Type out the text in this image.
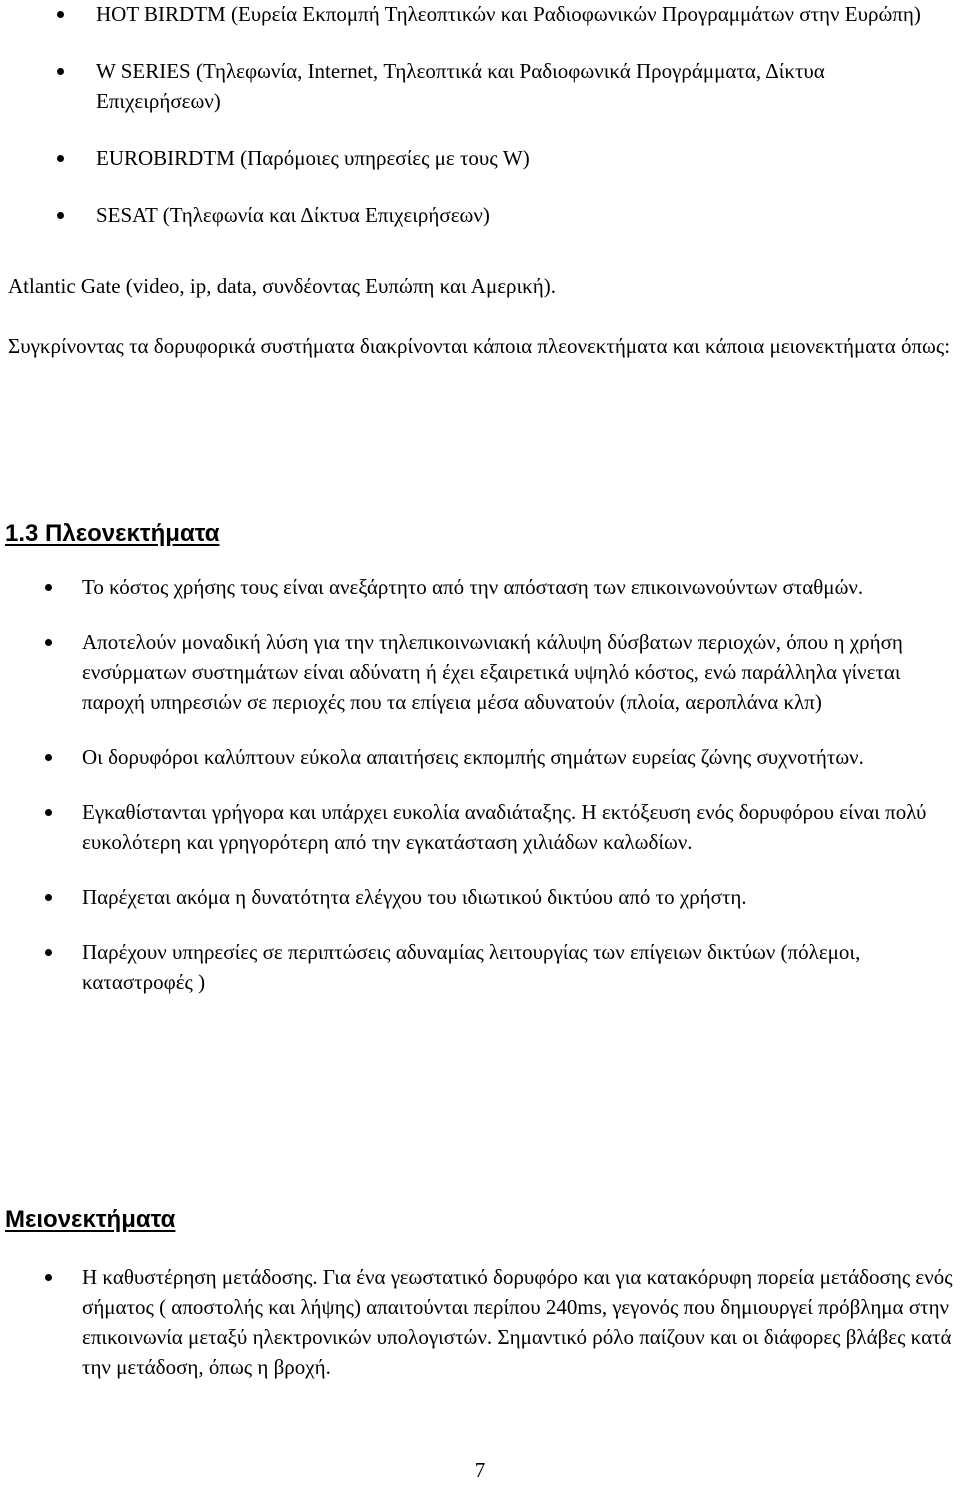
HOT BIRDTM (Ευρεία Εκπομπή Τηλεοπτικών και Ραδιοφωνικών Προγραμμάτων στην Ευρώπη)
W SERIES (Τηλεφωνία, Internet, Τηλεοπτικά και Ραδιοφωνικά Προγράμματα, Δίκτυα Επιχειρήσεων)
EUROBIRDTM (Παρόμοιες υπηρεσίες με τους W)
SESAT (Τηλεφωνία και Δίκτυα Επιχειρήσεων)

Atlantic Gate (video, ip, data, συνδέοντας Ευπώπη και Αμερική).

Συγκρίνοντας τα δορυφορικά συστήματα διακρίνονται κάποια πλεονεκτήματα και κάποια μειονεκτήματα όπως:

1.3 Πλεονεκτήματα
Το κόστος χρήσης τους είναι ανεξάρτητο από την απόσταση των επικοινωνούντων σταθμών.
Αποτελούν μοναδική λύση για την τηλεπικοινωνιακή κάλυψη δύσβατων περιοχών, όπου η χρήση ενσύρματων συστημάτων είναι αδύνατη ή έχει εξαιρετικά υψηλό κόστος, ενώ παράλληλα γίνεται παροχή υπηρεσιών σε περιοχές που τα επίγεια μέσα αδυνατούν (πλοία, αεροπλάνα κλπ)
Οι δορυφόροι καλύπτουν εύκολα απαιτήσεις εκπομπής σημάτων ευρείας ζώνης συχνοτήτων.
Εγκαθίστανται γρήγορα και υπάρχει ευκολία αναδιάταξης. Η εκτόξευση ενός δορυφόρου είναι πολύ ευκολότερη και γρηγορότερη από την εγκατάσταση χιλιάδων καλωδίων.
Παρέχεται ακόμα η δυνατότητα ελέγχου του ιδιωτικού δικτύου από το χρήστη.
Παρέχουν υπηρεσίες σε περιπτώσεις αδυναμίας λειτουργίας των επίγειων δικτύων (πόλεμοι, καταστροφές )
Μειονεκτήματα
Η καθυστέρηση μετάδοσης. Για ένα γεωστατικό δορυφόρο και για κατακόρυφη πορεία μετάδοσης ενός σήματος ( αποστολής και λήψης) απαιτούνται περίπου 240ms, γεγονός που δημιουργεί πρόβλημα στην επικοινωνία μεταξύ ηλεκτρονικών υπολογιστών. Σημαντικό ρόλο παίζουν και οι διάφορες βλάβες κατά την μετάδοση, όπως η βροχή.
7
